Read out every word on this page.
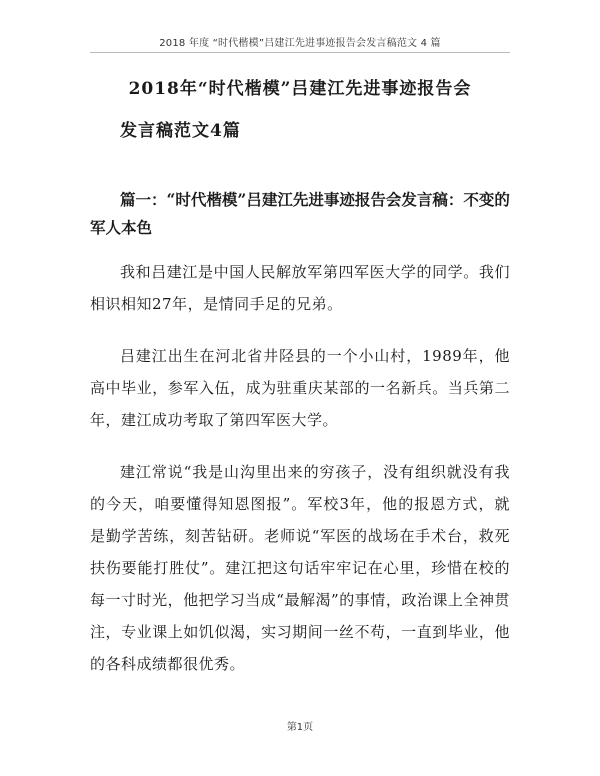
2018 年度 “时代楷模”吕建江先进事迹报告会发言稿范文 4 篇
2018年“时代楷模”吕建江先进事迹报告会
发言稿范文4篇
篇一：“时代楷模”吕建江先进事迹报告会发言稿：不变的军人本色

我和吕建江是中国人民解放军第四军医大学的同学。我们相识相知27年，是情同手足的兄弟。

吕建江出生在河北省井陉县的一个小山村，1989年，他高中毕业，参军入伍，成为驻重庆某部的一名新兵。当兵第二年，建江成功考取了第四军医大学。

建江常说“我是山沟里出来的穷孩子，没有组织就没有我的今天，咱要懂得知恩图报”。军校3年，他的报恩方式，就是勤学苦练，刻苦钻研。老师说“军医的战场在手术台，救死扶伤要能打胜仗”。建江把这句话牢牢记在心里，珍惜在校的每一寸时光，他把学习当成“最解渴”的事情，政治课上全神贯注，专业课上如饥似渴，实习期间一丝不苟，一直到毕业，他的各科成绩都很优秀。

第1页
